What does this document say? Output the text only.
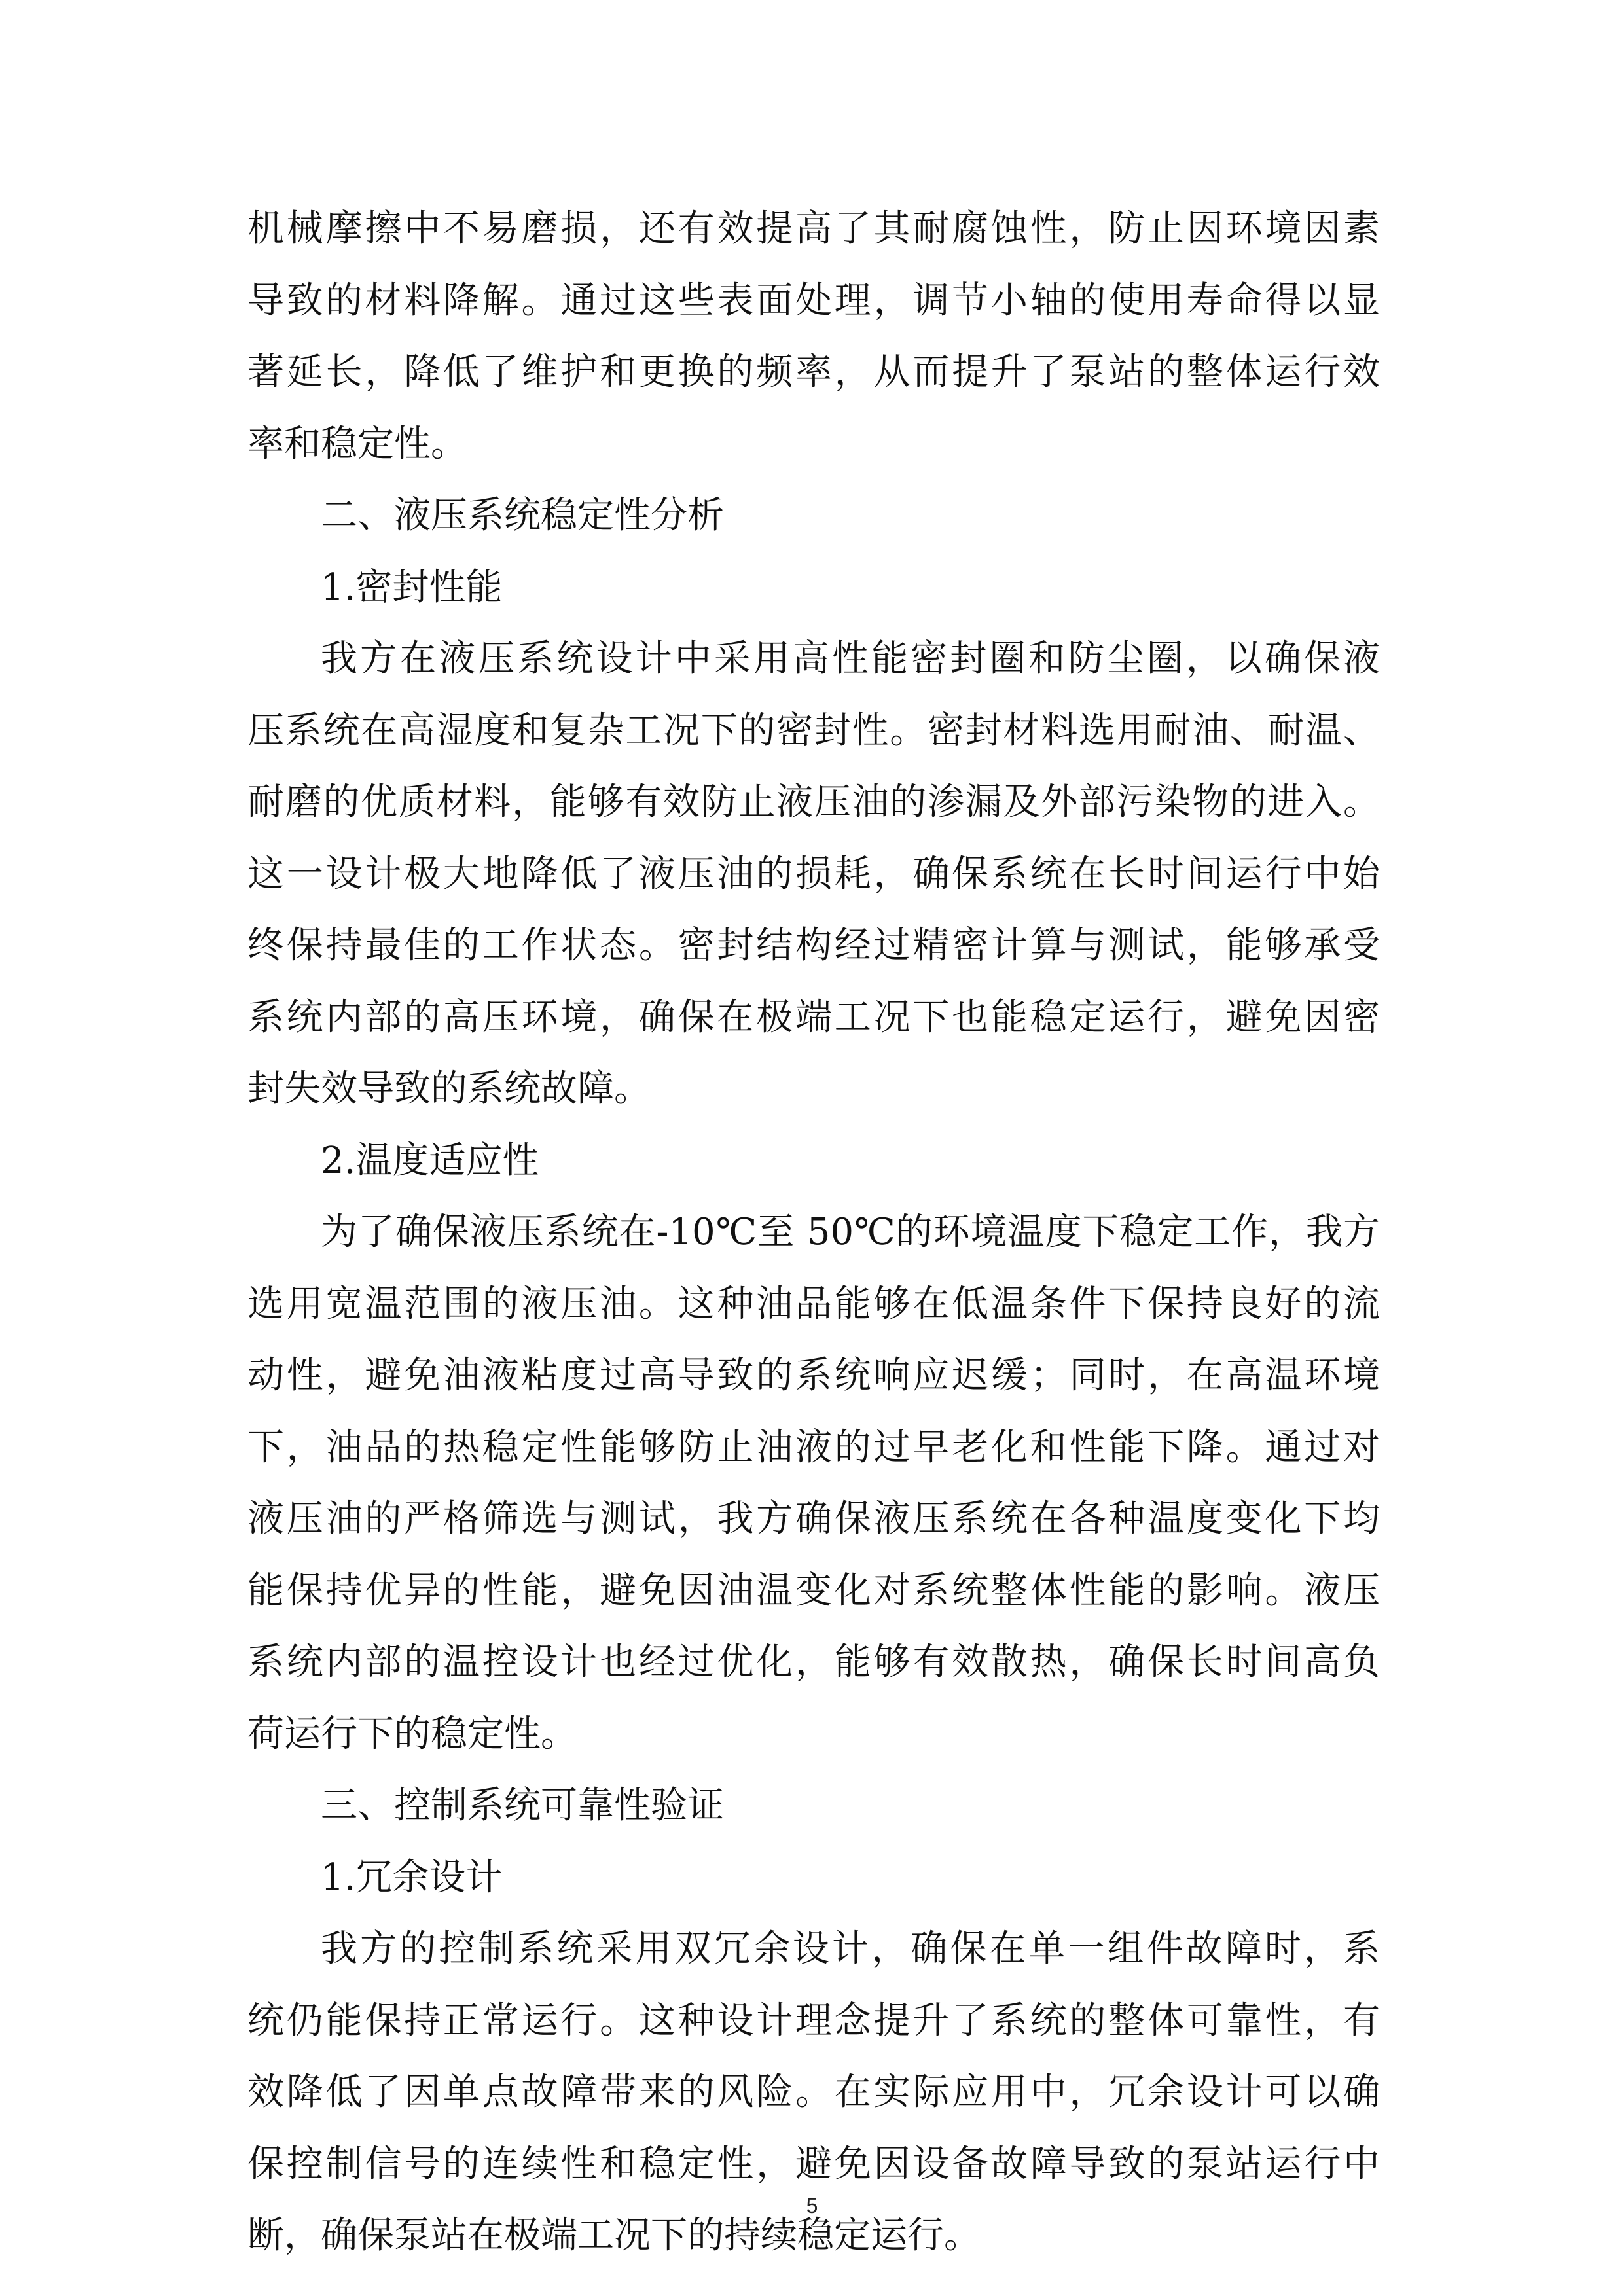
机械摩擦中不易磨损，还有效提高了其耐腐蚀性，防止因环境因素
导致的材料降解。通过这些表面处理，调节小轴的使用寿命得以显
著延长，降低了维护和更换的频率，从而提升了泵站的整体运行效
率和稳定性。
二、液压系统稳定性分析
1.密封性能
我方在液压系统设计中采用高性能密封圈和防尘圈，以确保液
压系统在高湿度和复杂工况下的密封性。密封材料选用耐油、耐温、
耐磨的优质材料，能够有效防止液压油的渗漏及外部污染物的进入。
这一设计极大地降低了液压油的损耗，确保系统在长时间运行中始
终保持最佳的工作状态。密封结构经过精密计算与测试，能够承受
系统内部的高压环境，确保在极端工况下也能稳定运行，避免因密
封失效导致的系统故障。
2.温度适应性
为了确保液压系统在-10℃至 50℃的环境温度下稳定工作，我方
选用宽温范围的液压油。这种油品能够在低温条件下保持良好的流
动性，避免油液粘度过高导致的系统响应迟缓；同时，在高温环境
下，油品的热稳定性能够防止油液的过早老化和性能下降。通过对
液压油的严格筛选与测试，我方确保液压系统在各种温度变化下均
能保持优异的性能，避免因油温变化对系统整体性能的影响。液压
系统内部的温控设计也经过优化，能够有效散热，确保长时间高负
荷运行下的稳定性。
三、控制系统可靠性验证
1.冗余设计
我方的控制系统采用双冗余设计，确保在单一组件故障时，系
统仍能保持正常运行。这种设计理念提升了系统的整体可靠性，有
效降低了因单点故障带来的风险。在实际应用中，冗余设计可以确
保控制信号的连续性和稳定性，避免因设备故障导致的泵站运行中
断，确保泵站在极端工况下的持续稳定运行。
5
